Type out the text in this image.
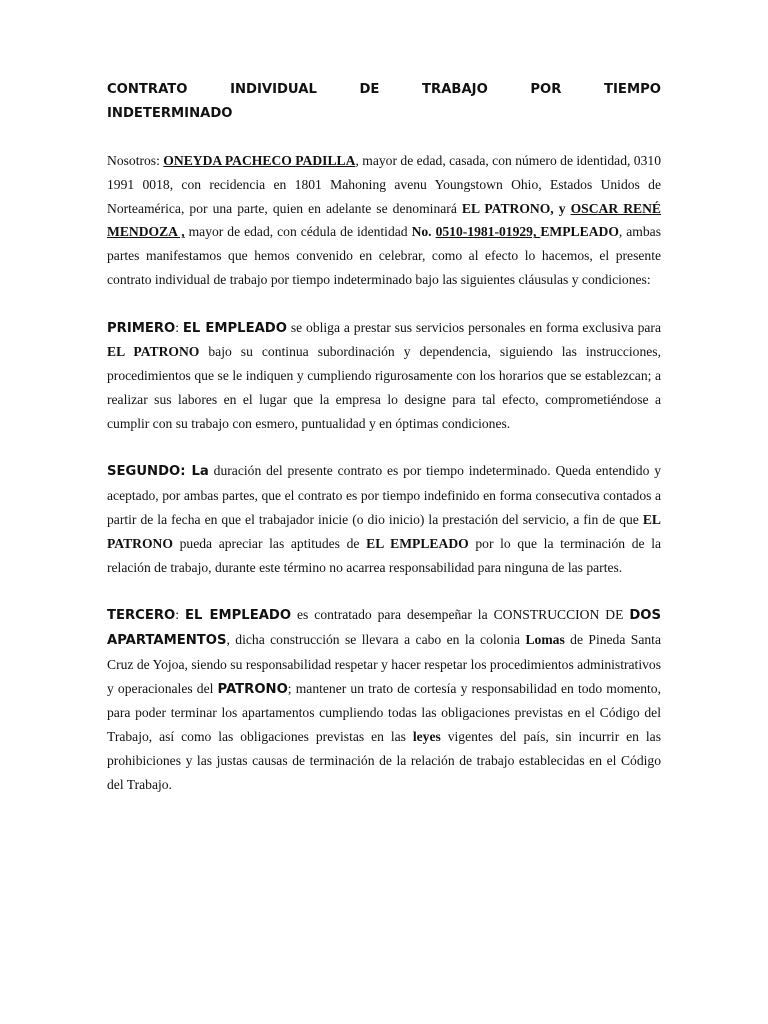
CONTRATO	INDIVIDUAL	DE	TRABAJO	POR	TIEMPO
INDETERMINADO

Nosotros: ONEYDA PACHECO PADILLA, mayor de edad, casada, con número de identidad, 0310 1991 0018, con recidencia en 1801 Mahoning avenu Youngstown Ohio, Estados Unidos de Norteamérica, por una parte, quien en adelante se denominará EL PATRONO, y OSCAR RENÉ MENDOZA , mayor de edad, con cédula de identidad No. 0510-1981-01929, EMPLEADO, ambas partes manifestamos que hemos convenido en celebrar, como al efecto lo hacemos, el presente contrato individual de trabajo por tiempo indeterminado bajo las siguientes cláusulas y condiciones:

PRIMERO: EL EMPLEADO se obliga a prestar sus servicios personales en forma exclusiva para EL PATRONO bajo su continua subordinación y dependencia, siguiendo las instrucciones, procedimientos que se le indiquen y cumpliendo rigurosamente con los horarios que se establezcan; a realizar sus labores en el lugar que la empresa lo designe para tal efecto, comprometiéndose a cumplir con su trabajo con esmero, puntualidad y en óptimas condiciones.

SEGUNDO: La duración del presente contrato es por tiempo indeterminado. Queda entendido y aceptado, por ambas partes, que el contrato es por tiempo indefinido en forma consecutiva contados a partir de la fecha en que el trabajador inicie (o dio inicio) la prestación del servicio, a fin de que EL PATRONO pueda apreciar las aptitudes de EL EMPLEADO por lo que la terminación de la relación de trabajo, durante este término no acarrea responsabilidad para ninguna de las partes.

TERCERO: EL EMPLEADO es contratado para desempeñar la CONSTRUCCION DE DOS APARTAMENTOS, dicha construcción se llevara a cabo en la colonia Lomas de Pineda Santa Cruz de Yojoa, siendo su responsabilidad respetar y hacer respetar los procedimientos administrativos y operacionales del PATRONO; mantener un trato de cortesía y responsabilidad en todo momento, para poder terminar los apartamentos cumpliendo todas las obligaciones previstas en el Código del Trabajo, así como las obligaciones previstas en las leyes vigentes del país, sin incurrir en las prohibiciones y las justas causas de terminación de la relación de trabajo establecidas en el Código del Trabajo.
